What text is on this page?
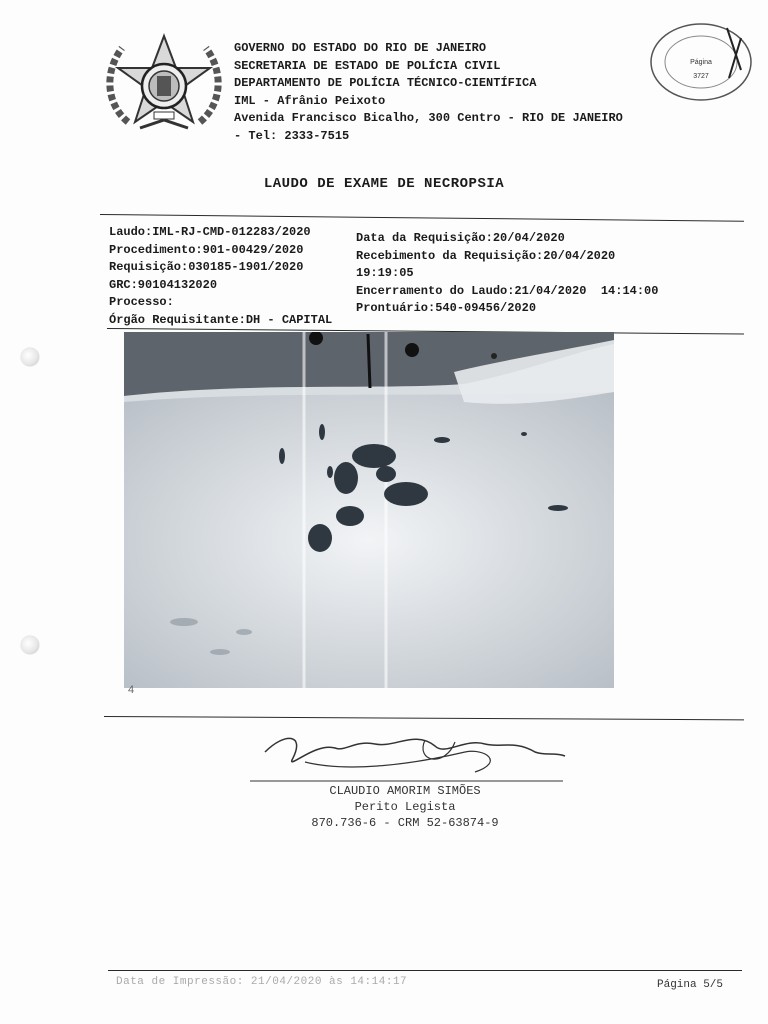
GOVERNO DO ESTADO DO RIO DE JANEIRO
SECRETARIA DE ESTADO DE POLÍCIA CIVIL
DEPARTAMENTO DE POLÍCIA TÉCNICO-CIENTÍFICA
IML - Afrânio Peixoto
Avenida Francisco Bicalho, 300 Centro - RIO DE JANEIRO
- Tel: 2333-7515
Página
3727
LAUDO DE EXAME DE NECROPSIA
Laudo:IML-RJ-CMD-012283/2020
Procedimento:901-00429/2020
Requisição:030185-1901/2020
GRC:90104132020
Processo:
Órgão Requisitante:DH - CAPITAL
Data da Requisição:20/04/2020
Recebimento da Requisição:20/04/2020
19:19:05
Encerramento do Laudo:21/04/2020  14:14:00
Prontuário:540-09456/2020
4
CLAUDIO AMORIM SIMÕES
Perito Legista
870.736-6 - CRM 52-63874-9
Data de Impressão: 21/04/2020 às 14:14:17	Página 5/5
